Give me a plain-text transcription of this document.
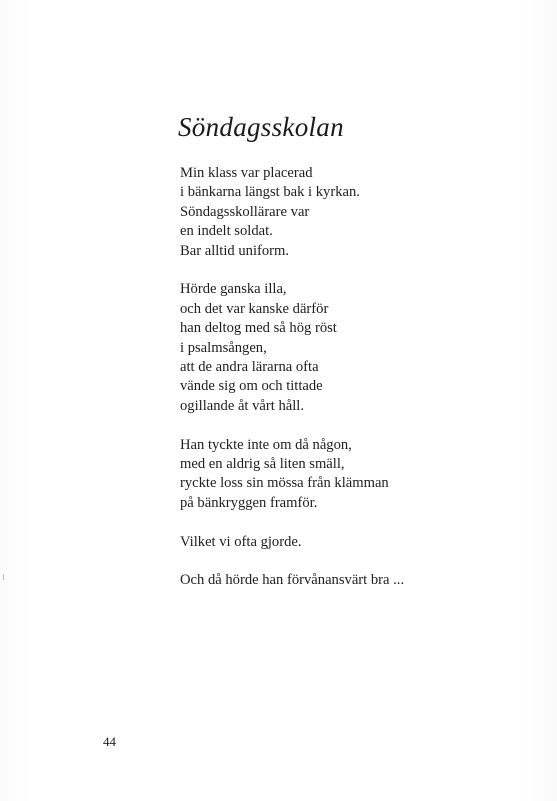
Söndagsskolan
Min klass var placerad
i bänkarna längst bak i kyrkan.
Söndagsskollärare var
en indelt soldat.
Bar alltid uniform.
Hörde ganska illa,
och det var kanske därför
han deltog med så hög röst
i psalmsången,
att de andra lärarna ofta
vände sig om och tittade
ogillande åt vårt håll.
Han tyckte inte om då någon,
med en aldrig så liten smäll,
ryckte loss sin mössa från klämman
på bänkryggen framför.
Vilket vi ofta gjorde.
Och då hörde han förvånansvärt bra ...
44
